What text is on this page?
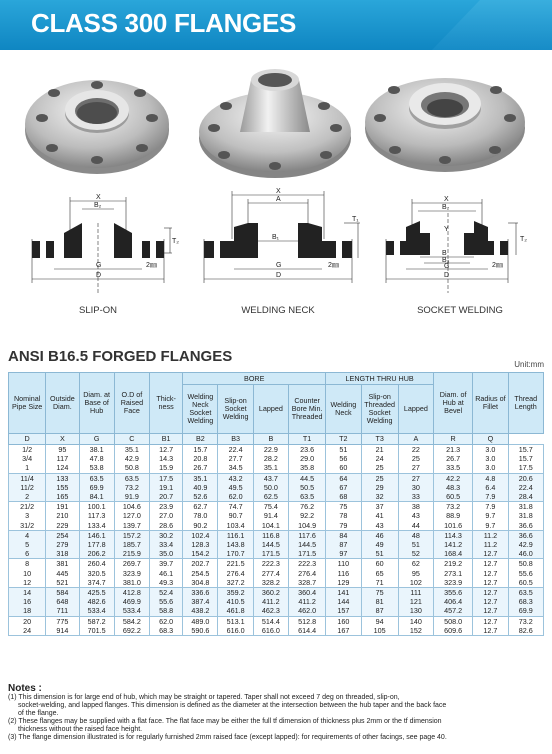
CLASS 300 FLANGES
X
B₂
G
D
T₂
2㎜
X
A
B₁
G
D
T₁
2㎜
X
B₂
Y
B
B₃
G
D
T₂
2㎜
SLIP-ON	WELDING NECK	SOCKET WELDING
ANSI B16.5 FORGED FLANGES	Unit:mm
Nominal Pipe Size	Outside Diam.	Diam. at Base of Hub	O.D of Raised Face	Thick-ness	BORE				LENGTH THRU HUB			Diam. of Hub at Bevel	Radius of Fillet	Thread Length
					Welding Neck Socket Welding	Slip-on Socket Welding	Lapped	Counter Bore Min. Threaded	Welding Neck	Slip-on Threaded Socket Welding	Lapped			
D	X	G	C	B1	B2	B3	B	T1	T2	T3	A	R	Q	
1/2	95	38.1	35.1	12.7	15.7	22.4	22.9	23.6	51	21	22	21.3	3.0	15.7
3/4	117	47.8	42.9	14.3	20.8	27.7	28.2	29.0	56	24	25	26.7	3.0	15.7
1	124	53.8	50.8	15.9	26.7	34.5	35.1	35.8	60	25	27	33.5	3.0	17.5
11/4	133	63.5	63.5	17.5	35.1	43.2	43.7	44.5	64	25	27	42.2	4.8	20.6
11/2	155	69.9	73.2	19.1	40.9	49.5	50.0	50.5	67	29	30	48.3	6.4	22.4
2	165	84.1	91.9	20.7	52.6	62.0	62.5	63.5	68	32	33	60.5	7.9	28.4
21/2	191	100.1	104.6	23.9	62.7	74.7	75.4	76.2	75	37	38	73.2	7.9	31.8
3	210	117.3	127.0	27.0	78.0	90.7	91.4	92.2	78	41	43	88.9	9.7	31.8
31/2	229	133.4	139.7	28.6	90.2	103.4	104.1	104.9	79	43	44	101.6	9.7	36.6
4	254	146.1	157.2	30.2	102.4	116.1	116.8	117.6	84	46	48	114.3	11.2	36.6
5	279	177.8	185.7	33.4	128.3	143.8	144.5	144.5	87	49	51	141.2	11.2	42.9
6	318	206.2	215.9	35.0	154.2	170.7	171.5	171.5	97	51	52	168.4	12.7	46.0
8	381	260.4	269.7	39.7	202.7	221.5	222.3	222.3	110	60	62	219.2	12.7	50.8
10	445	320.5	323.9	46.1	254.5	276.4	277.4	276.4	116	65	95	273.1	12.7	55.6
12	521	374.7	381.0	49.3	304.8	327.2	328.2	328.7	129	71	102	323.9	12.7	60.5
14	584	425.5	412.8	52.4	336.6	359.2	360.2	360.4	141	75	111	355.6	12.7	63.5
16	648	482.6	469.9	55.6	387.4	410.5	411.2	411.2	144	81	121	406.4	12.7	68.3
18	711	533.4	533.4	58.8	438.2	461.8	462.3	462.0	157	87	130	457.2	12.7	69.9
20	775	587.2	584.2	62.0	489.0	513.1	514.4	512.8	160	94	140	508.0	12.7	73.2
24	914	701.5	692.2	68.3	590.6	616.0	616.0	614.4	167	105	152	609.6	12.7	82.6
Notes :
(1) This dimension is for large end of hub, which may be straight or tapered. Taper shall not exceed 7 deg on threaded, slip-on,
socket-welding, and lapped flanges. This dimension is defined as the diameter at the intersection between the hub taper and the back face
of the flange.
(2) These flanges may be supplied with a flat face. The flat face may be either the full tf dimension of thickness plus 2mm or the tf dimension
thickness without the raised face height.
(3) The flange dimension illustrated is for regularly furnished 2mm raised face (except lapped): for requirements of other facings, see page 40.
